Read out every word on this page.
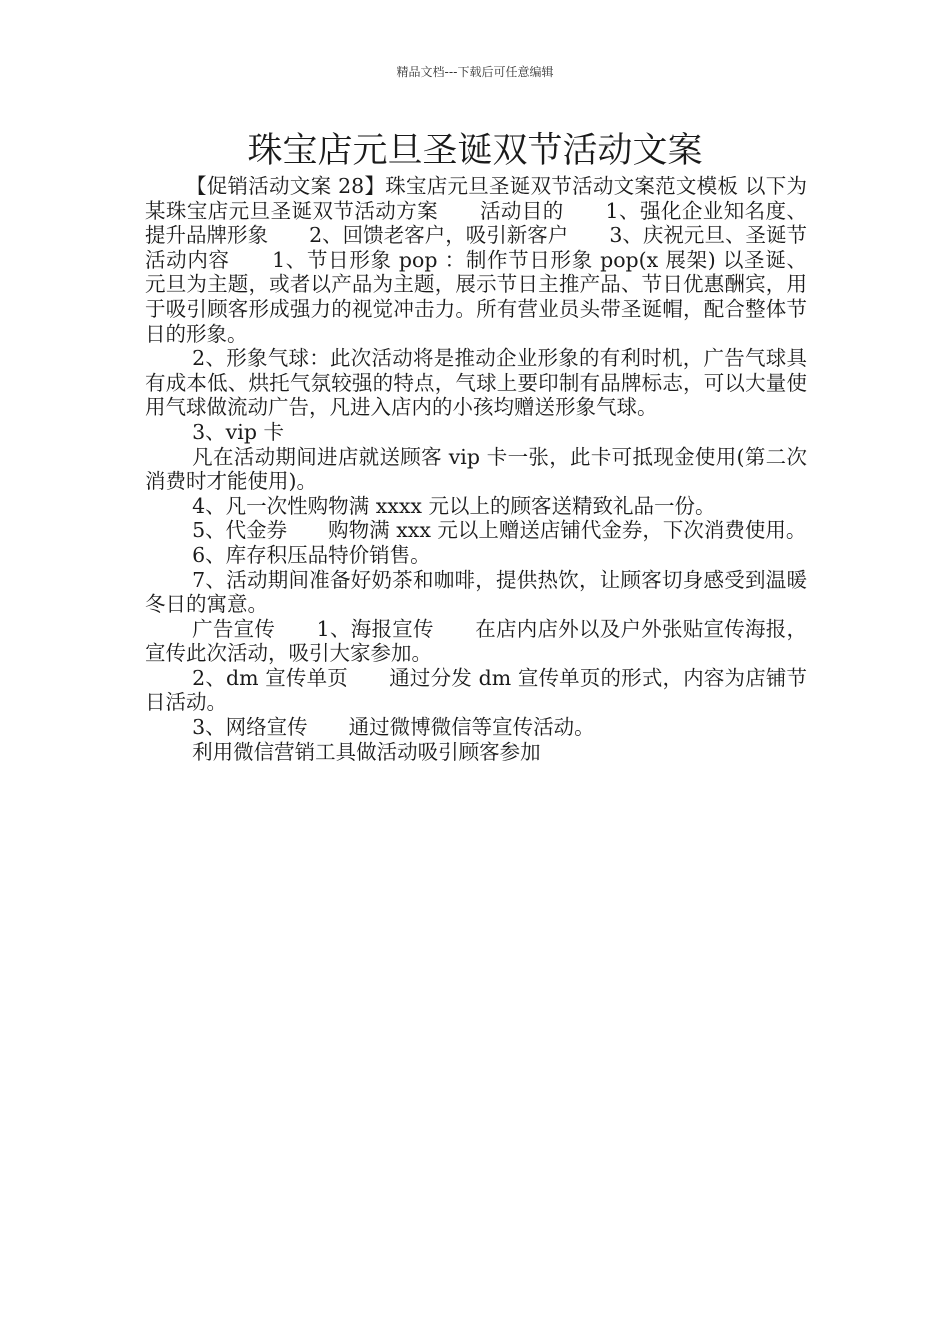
精品文档---下载后可任意编辑
珠宝店元旦圣诞双节活动文案

【促销活动文案 28】珠宝店元旦圣诞双节活动文案范文模板 以下为某珠宝店元旦圣诞双节活动方案　　活动目的　　1、强化企业知名度、提升品牌形象　　2、回馈老客户，吸引新客户　　3、庆祝元旦、圣诞节　　活动内容　　1、节日形象 pop ：制作节日形象 pop(x 展架) 以圣诞、元旦为主题，或者以产品为主题，展示节日主推产品、节日优惠酬宾，用于吸引顾客形成强力的视觉冲击力。所有营业员头带圣诞帽，配合整体节日的形象。

2、形象气球：此次活动将是推动企业形象的有利时机，广告气球具有成本低、烘托气氛较强的特点，气球上要印制有品牌标志，可以大量使用气球做流动广告，凡进入店内的小孩均赠送形象气球。

3、vip 卡

凡在活动期间进店就送顾客 vip 卡一张，此卡可抵现金使用(第二次消费时才能使用)。

4、凡一次性购物满 xxxx 元以上的顾客送精致礼品一份。

5、代金券　　购物满 xxx 元以上赠送店铺代金券，下次消费使用。

6、库存积压品特价销售。

7、活动期间准备好奶茶和咖啡，提供热饮，让顾客切身感受到温暖冬日的寓意。

广告宣传　　1、海报宣传　　在店内店外以及户外张贴宣传海报，宣传此次活动，吸引大家参加。

2、dm 宣传单页　　通过分发 dm 宣传单页的形式，内容为店铺节日活动。

3、网络宣传　　通过微博微信等宣传活动。

利用微信营销工具做活动吸引顾客参加
